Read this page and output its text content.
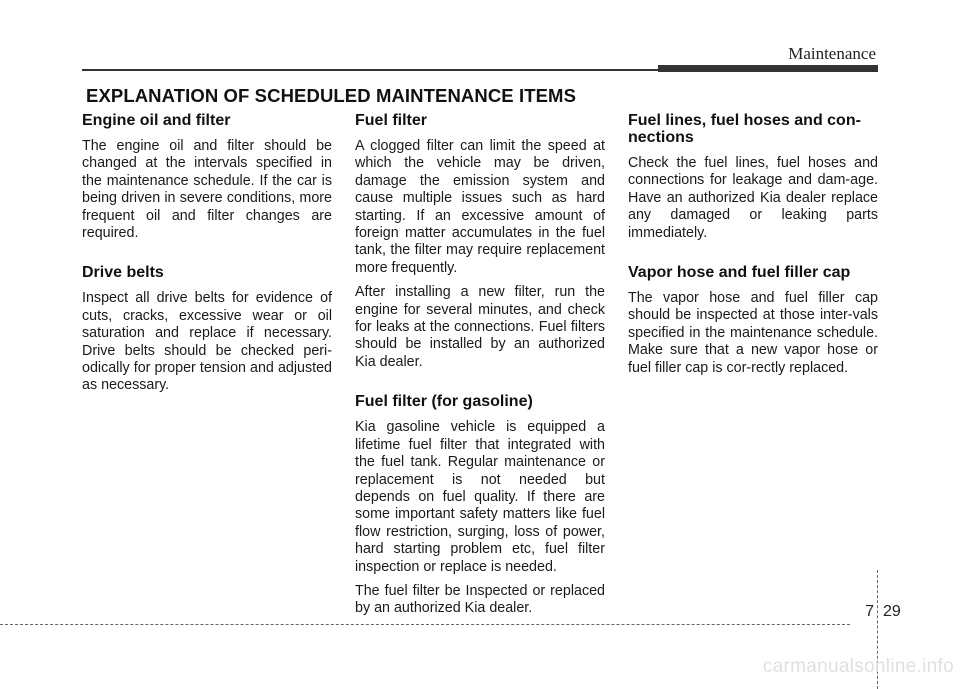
Maintenance
EXPLANATION OF SCHEDULED MAINTENANCE ITEMS
Engine oil and filter

The engine oil and filter should be changed at the intervals specified in the maintenance schedule. If the car is being driven in severe conditions, more frequent oil and filter changes are required.

Drive belts

Inspect all drive belts for evidence of cuts, cracks, excessive wear or oil saturation and replace if necessary. Drive belts should be checked peri-odically for proper tension and adjusted as necessary.

Fuel filter

A clogged filter can limit the speed at which the vehicle may be driven, damage the emission system and cause multiple issues such as hard starting. If an excessive amount of foreign matter accumulates in the fuel tank, the filter may require replacement more frequently.

After installing a new filter, run the engine for several minutes, and check for leaks at the connections. Fuel filters should be installed by an authorized Kia dealer.

Fuel filter (for gasoline)

Kia gasoline vehicle is equipped a lifetime fuel filter that integrated with the fuel tank. Regular maintenance or replacement is not needed but depends on fuel quality. If there are some important safety matters like fuel flow restriction, surging, loss of power, hard starting problem etc, fuel filter inspection or replace is needed.

The fuel filter be Inspected or replaced by an authorized Kia dealer.

Fuel lines, fuel hoses and con-nections

Check the fuel lines, fuel hoses and connections for leakage and dam-age. Have an authorized Kia dealer replace any damaged or leaking parts immediately.

Vapor hose and fuel filler cap

The vapor hose and fuel filler cap should be inspected at those inter-vals specified in the maintenance schedule. Make sure that a new vapor hose or fuel filler cap is cor-rectly replaced.

7 29
carmanualsonline.info
